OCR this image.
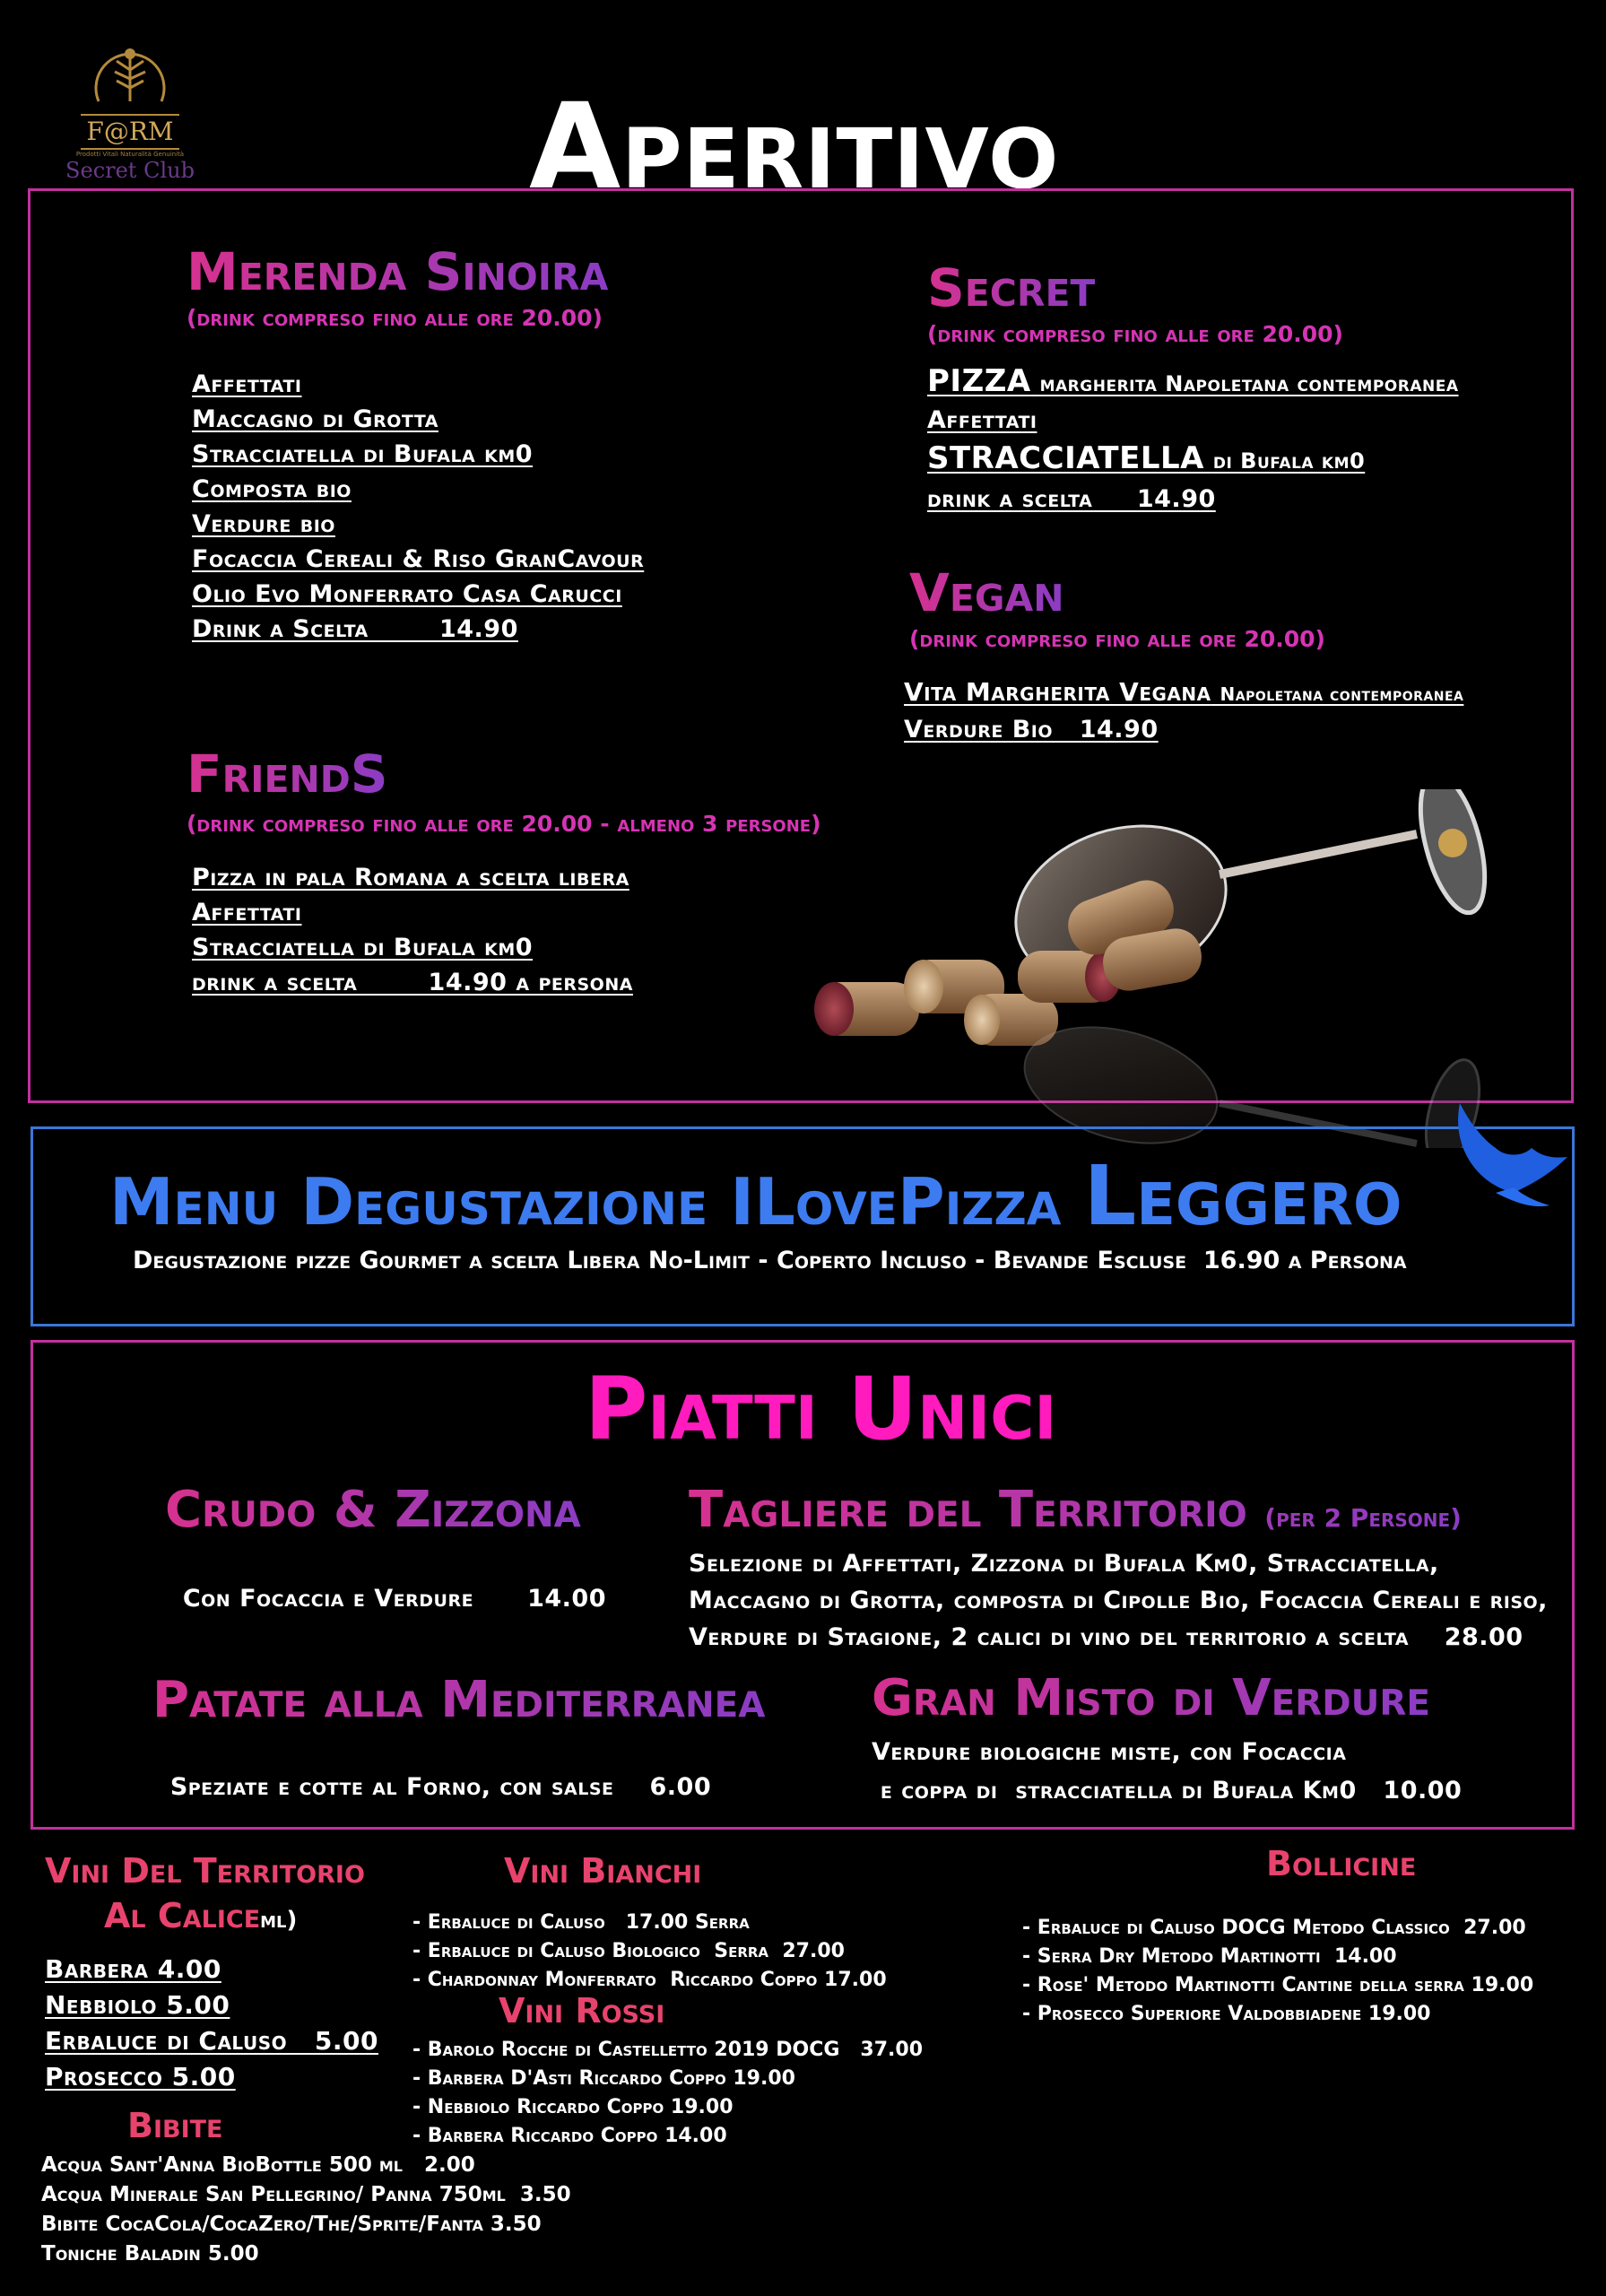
F@RM
Prodotti Vitali Naturalità Genuinità
Secret Club	Aperitivo
Merenda Sinoira
(drink compreso fino alle ore 20.00)
Affettati
Maccagno di Grotta
Stracciatella di Bufala km0
Composta bio
Verdure bio
Focaccia Cereali & Riso GranCavour
Olio Evo Monferrato Casa Carucci
Drink a Scelta        14.90
Secret
(drink compreso fino alle ore 20.00)
PIZZA margherita Napoletana contemporanea
Affettati
STRACCIATELLA di Bufala km0
drink a scelta     14.90
Vegan
(drink compreso fino alle ore 20.00)
Vita Margherita Vegana Napoletana contemporanea
Verdure Bio   14.90
FriendS
(drink compreso fino alle ore 20.00 - almeno 3 persone)
Pizza in pala Romana a scelta libera
Affettati
Stracciatella di Bufala km0
drink a scelta        14.90 a persona
Menu Degustazione ILovePizza Leggero
Degustazione pizze Gourmet a scelta Libera No-Limit - Coperto Incluso - Bevande Escluse  16.90 a Persona
Piatti Unici
Crudo & Zizzona

Con Focaccia e Verdure 14.00

Tagliere del Territorio (per 2 Persone)
Selezione di Affettati, Zizzona di Bufala Km0, Stracciatella,
Maccagno di Grotta, composta di Cipolle Bio, Focaccia Cereali e riso,
Verdure di Stagione, 2 calici di vino del territorio a scelta    28.00
Patate alla Mediterranea

Speziate e cotte al Forno, con salse 6.00

Gran Misto di Verdure
Verdure biologiche miste, con Focaccia
e coppa di  stracciatella di Bufala Km0   10.00
Vini Del Territorio
Al Caliceml)
Barbera 4.00
Nebbiolo 5.00
Erbaluce di Caluso   5.00
Prosecco 5.00
Bibite
Acqua Sant'Anna BioBottle 500 ml   2.00
Acqua Minerale San Pellegrino/ Panna 750ml  3.50
Bibite CocaCola/CocaZero/The/Sprite/Fanta 3.50
Toniche Baladin 5.00
Vini Bianchi
- Erbaluce di Caluso   17.00 Serra
- Erbaluce di Caluso Biologico  Serra  27.00
- Chardonnay Monferrato  Riccardo Coppo 17.00
Vini Rossi
- Barolo Rocche di Castelletto 2019 DOCG   37.00
- Barbera D'Asti Riccardo Coppo 19.00
- Nebbiolo Riccardo Coppo 19.00
- Barbera Riccardo Coppo 14.00
Bollicine
- Erbaluce di Caluso DOCG Metodo Classico  27.00
- Serra Dry Metodo Martinotti  14.00
- Rose' Metodo Martinotti Cantine della serra 19.00
- Prosecco Superiore Valdobbiadene 19.00
